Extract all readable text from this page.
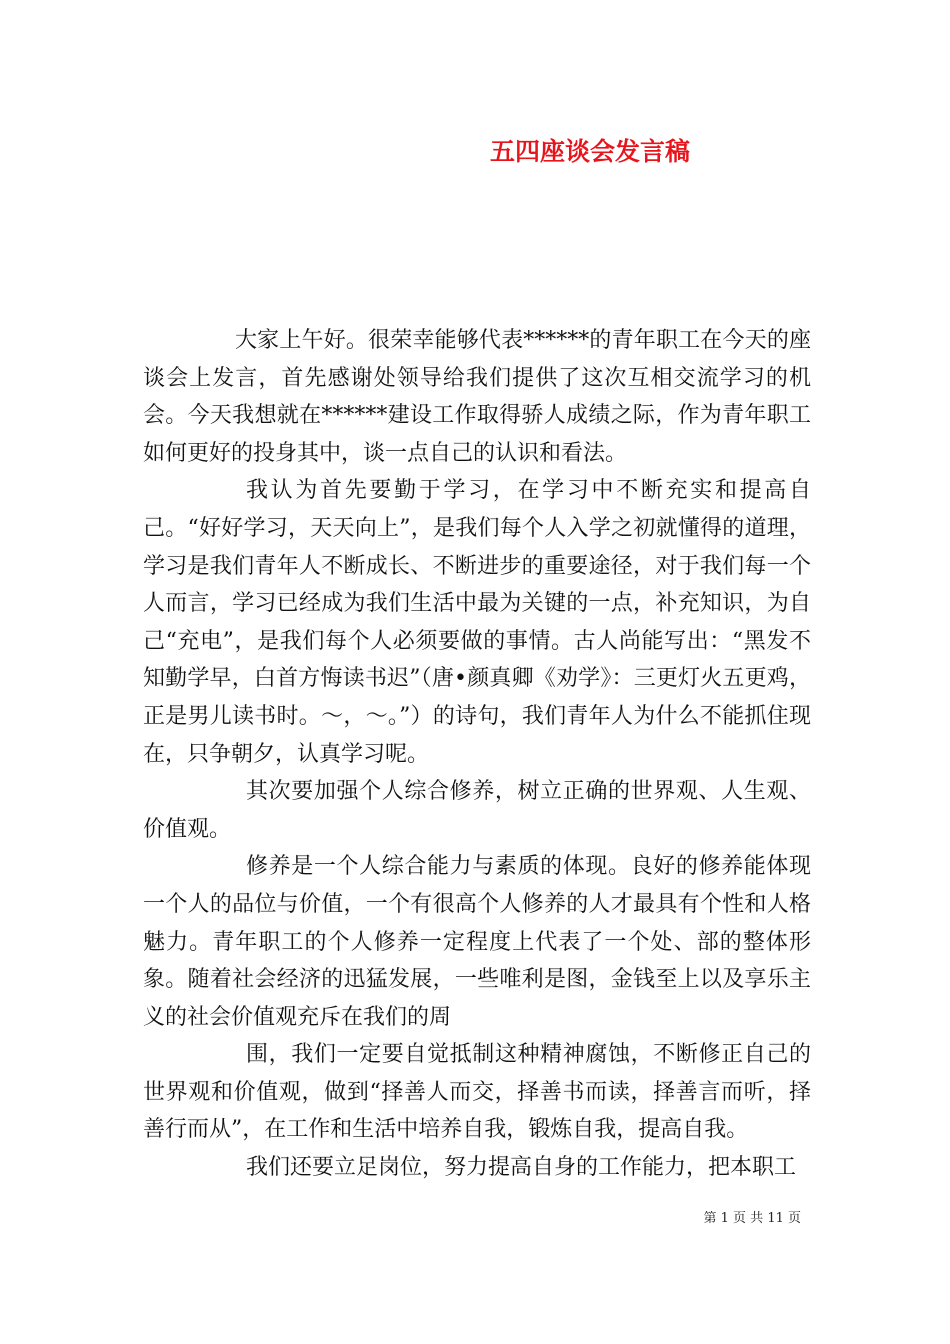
五四座谈会发言稿

大家上午好。很荣幸能够代表******的青年职工在今天的座谈会上发言，首先感谢处领导给我们提供了这次互相交流学习的机会。今天我想就在******建设工作取得骄人成绩之际，作为青年职工如何更好的投身其中，谈一点自己的认识和看法。

我认为首先要勤于学习，在学习中不断充实和提高自己。“好好学习，天天向上”，是我们每个人入学之初就懂得的道理，学习是我们青年人不断成长、不断进步的重要途径，对于我们每一个人而言，学习已经成为我们生活中最为关键的一点，补充知识，为自己“充电”，是我们每个人必须要做的事情。古人尚能写出：“黑发不知勤学早，白首方悔读书迟”（唐•颜真卿《劝学》：三更灯火五更鸡，正是男儿读书时。～，～。”）的诗句，我们青年人为什么不能抓住现在，只争朝夕，认真学习呢。

其次要加强个人综合修养，树立正确的世界观、人生观、价值观。

修养是一个人综合能力与素质的体现。良好的修养能体现一个人的品位与价值，一个有很高个人修养的人才最具有个性和人格魅力。青年职工的个人修养一定程度上代表了一个处、部的整体形象。随着社会经济的迅猛发展，一些唯利是图，金钱至上以及享乐主义的社会价值观充斥在我们的周

围，我们一定要自觉抵制这种精神腐蚀，不断修正自己的世界观和价值观，做到“择善人而交，择善书而读，择善言而听，择善行而从”，在工作和生活中培养自我，锻炼自我，提高自我。

我们还要立足岗位，努力提高自身的工作能力，把本职工

第 1 页 共 11 页
